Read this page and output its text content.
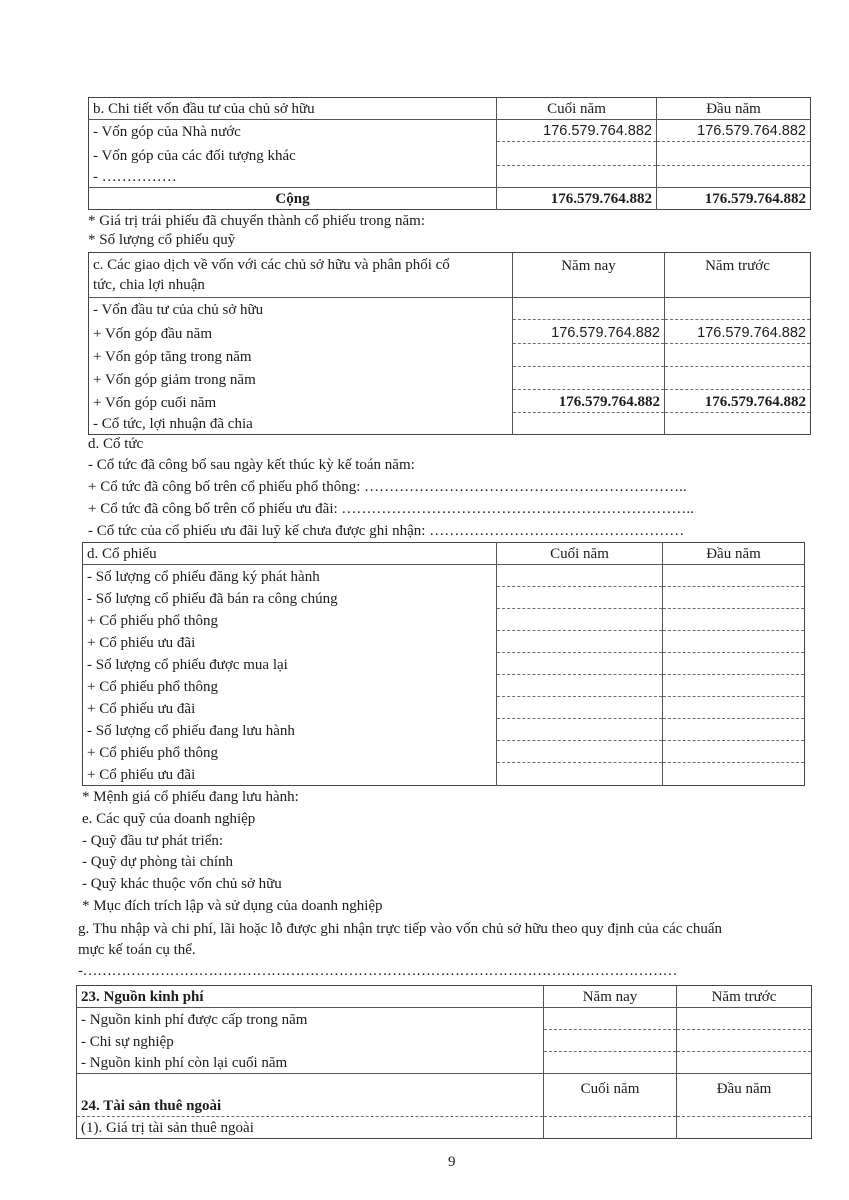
b. Chi tiết vốn đầu tư của chủ sở hữu	Cuối năm	Đầu năm
- Vốn góp của Nhà nước	176.579.764.882	176.579.764.882
- Vốn góp của các đối tượng khác		
- ……………		
Cộng	176.579.764.882	176.579.764.882
* Giá trị trái phiếu đã chuyển thành cổ phiếu trong năm:
* Số lượng cổ phiếu quỹ
c. Các giao dịch về vốn với các chủ sở hữu và phân phối cổ
tức, chia lợi nhuận	Năm nay	Năm trước
- Vốn đầu tư của chủ sở hữu		
+ Vốn góp đầu năm	176.579.764.882	176.579.764.882
+ Vốn góp tăng trong năm		
+ Vốn góp giảm trong năm		
+ Vốn góp cuối năm	176.579.764.882	176.579.764.882
- Cổ tức, lợi nhuận đã chia		
d. Cổ tức
- Cổ tức đã công bố sau ngày kết thúc kỳ kế toán năm:
+ Cổ tức đã công bố trên cổ phiếu phổ thông: ………………………………………………………..
+ Cổ tức đã công bố trên cổ phiếu ưu đãi: ……………………………………………………………..
- Cổ tức của cổ phiếu ưu đãi luỹ kế chưa được ghi nhận: ……………………………………………
d. Cổ phiếu	Cuối năm	Đầu năm
- Số lượng cổ phiếu đăng ký phát hành		
- Số lượng cổ phiếu đã bán ra công chúng		
+ Cổ phiếu phổ thông		
+ Cổ phiếu ưu đãi		
- Số lượng cổ phiếu được mua lại		
+ Cổ phiếu phổ thông		
+ Cổ phiếu ưu đãi		
- Số lượng cổ phiếu đang lưu hành		
+ Cổ phiếu phổ thông		
+ Cổ phiếu ưu đãi		
* Mệnh giá cổ phiếu đang lưu hành:
e. Các quỹ của doanh nghiệp
- Quỹ đầu tư phát triển:
- Quỹ dự phòng tài chính
- Quỹ khác thuộc vốn chủ sở hữu
* Mục đích trích lập và sử dụng của doanh nghiệp
g. Thu nhập và chi phí, lãi hoặc lỗ được ghi nhận trực tiếp vào vốn chủ sở hữu theo quy định của các chuẩn
mực kế toán cụ thể.
-……………………………………………………………………………………………………………
23. Nguồn kinh phí	Năm nay	Năm trước
- Nguồn kinh phí được cấp trong năm		
- Chi sự nghiệp		
- Nguồn kinh phí còn lại cuối năm		
24. Tài sản thuê ngoài	Cuối năm	Đầu năm
(1). Giá trị tài sản thuê ngoài		
9
